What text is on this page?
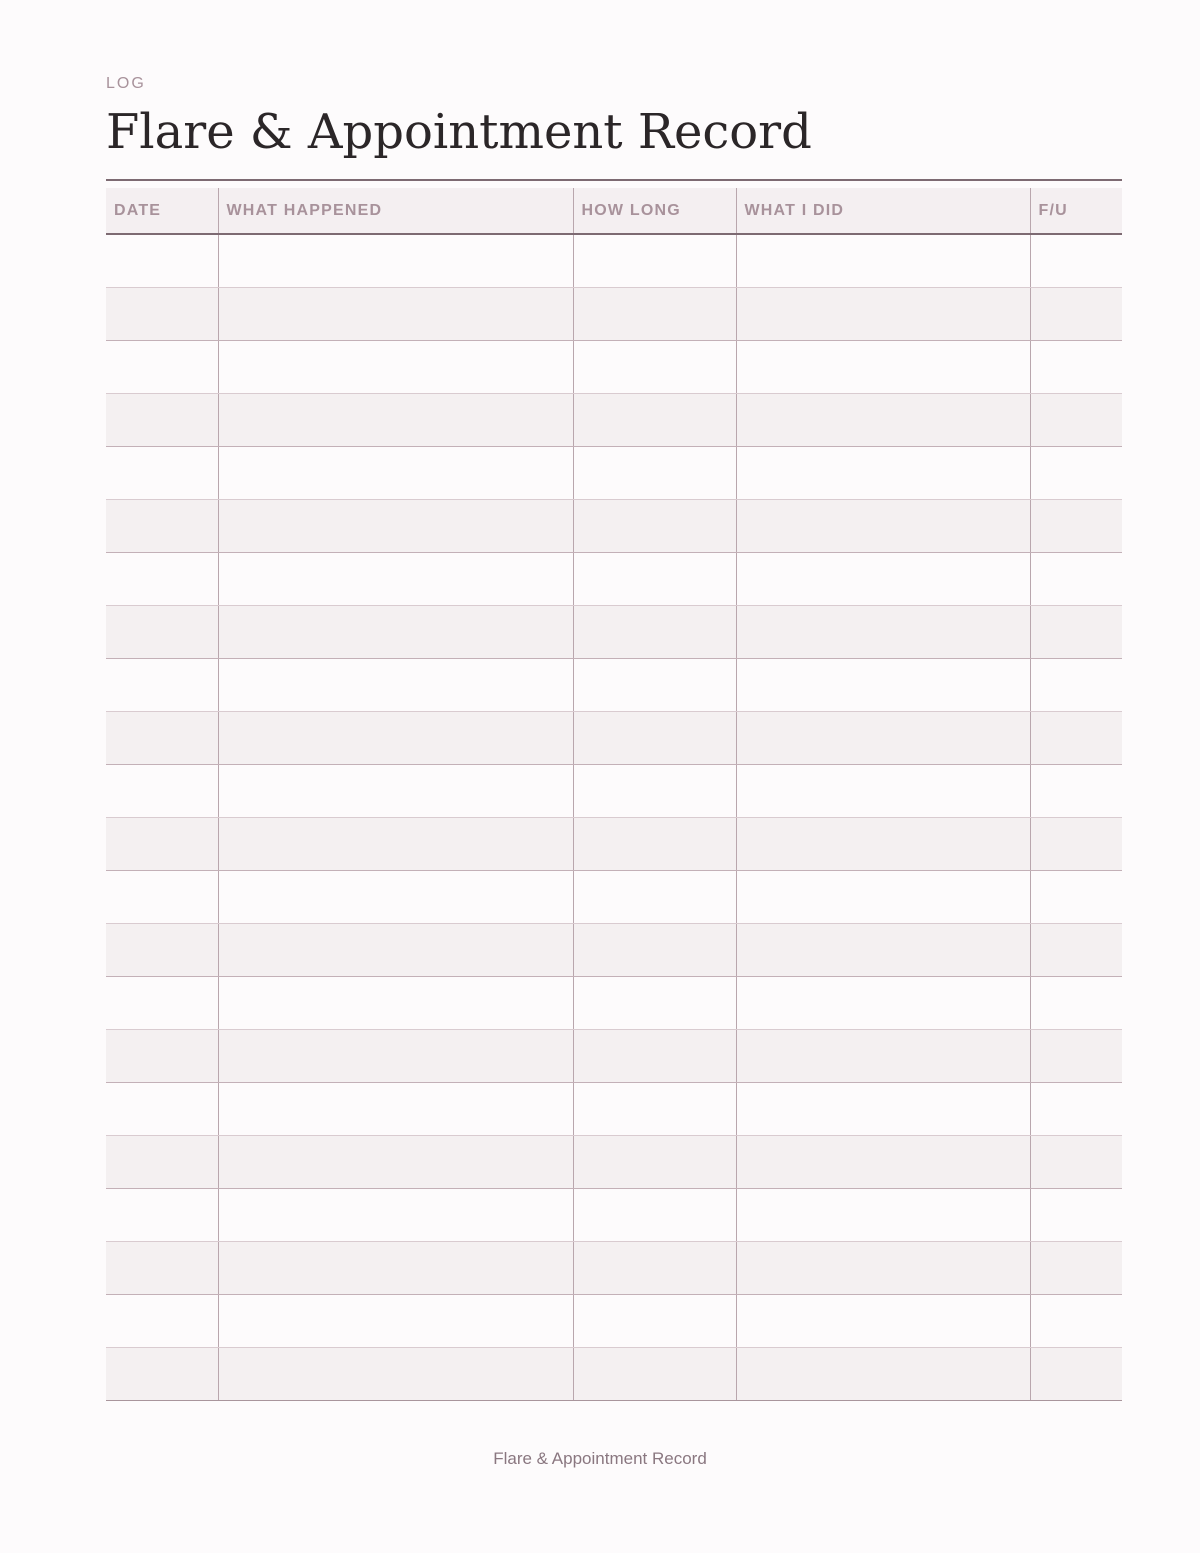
LOG

Flare & Appointment Record
DATE	WHAT HAPPENED	HOW LONG	WHAT I DID	F/U

Flare & Appointment Record
